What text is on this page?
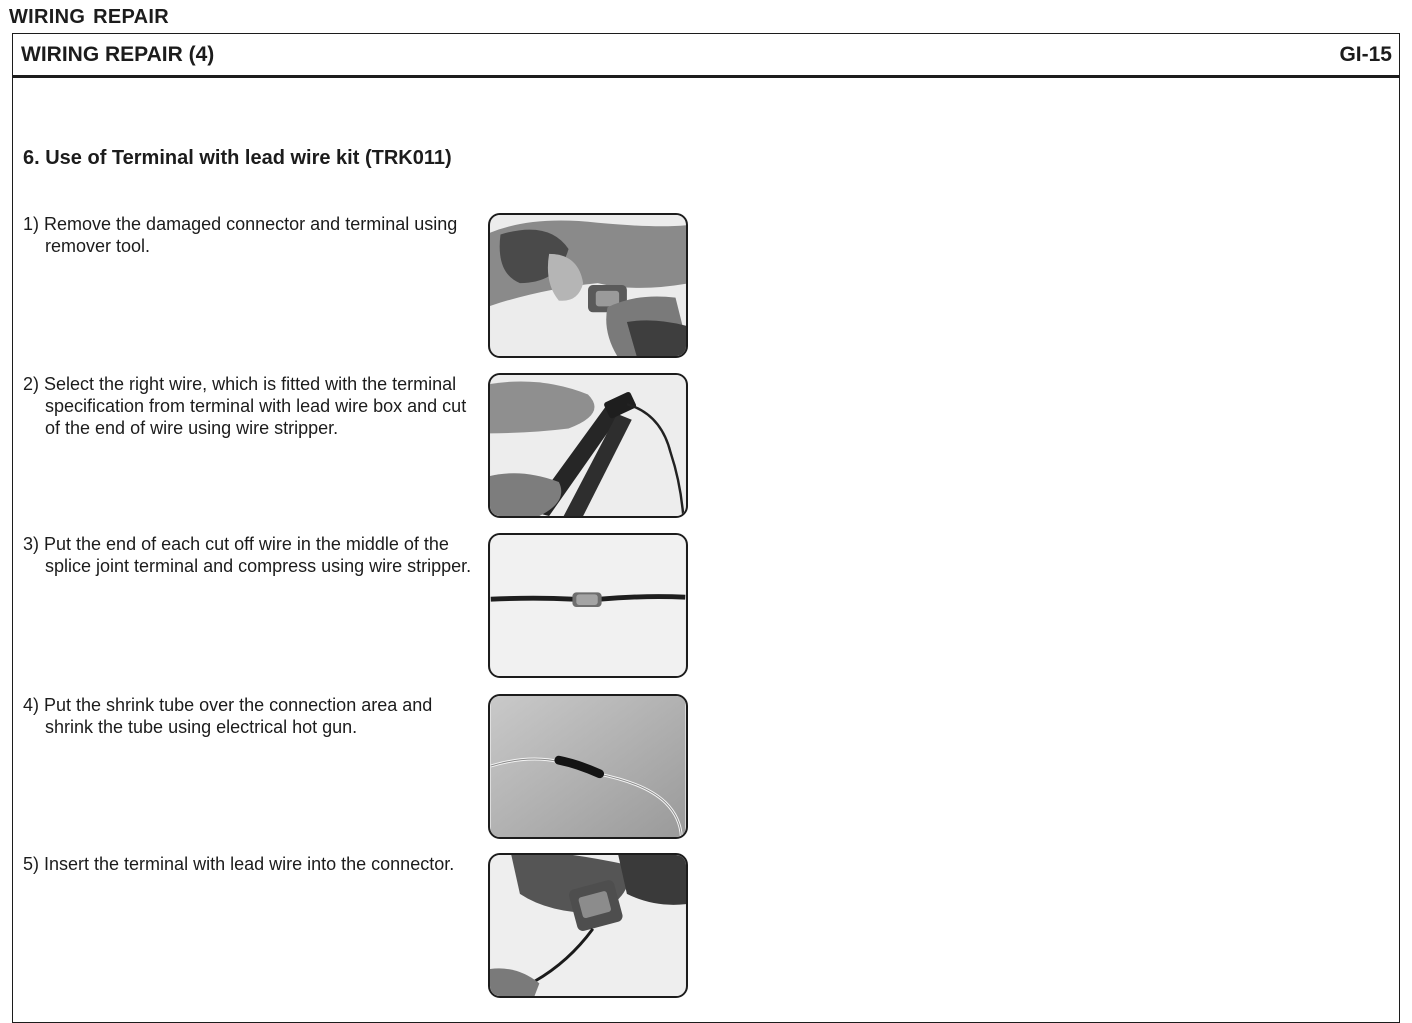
WIRING REPAIR
WIRING REPAIR (4)	GI-15
6. Use of Terminal with lead wire kit (TRK011)
1) Remove the damaged connector and terminal using remover tool.
2) Select the right wire, which is fitted with the terminal specification from terminal with lead wire box and cut of the end of wire using wire stripper.
3) Put the end of each cut off wire in the middle of the splice joint terminal and compress using wire stripper.
4) Put the shrink tube over the connection area and shrink the tube using electrical hot gun.
5) Insert the terminal with lead wire into the connector.
